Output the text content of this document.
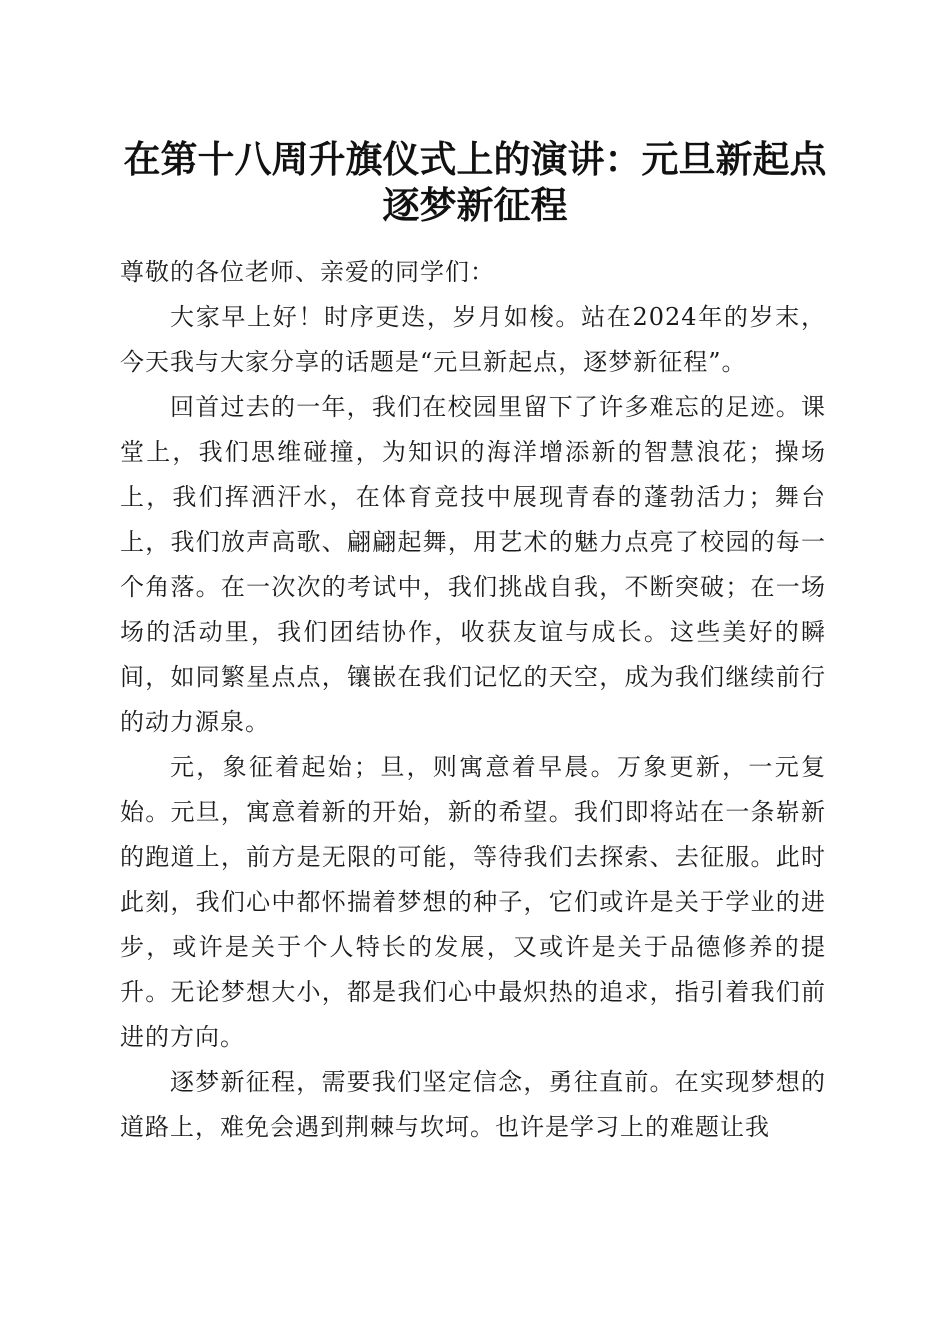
在第十八周升旗仪式上的演讲：元旦新起点逐梦新征程

尊敬的各位老师、亲爱的同学们：

大家早上好！时序更迭，岁月如梭。站在2024年的岁末，今天我与大家分享的话题是“元旦新起点，逐梦新征程”。

回首过去的一年，我们在校园里留下了许多难忘的足迹。课堂上，我们思维碰撞，为知识的海洋增添新的智慧浪花；操场上，我们挥洒汗水，在体育竞技中展现青春的蓬勃活力；舞台上，我们放声高歌、翩翩起舞，用艺术的魅力点亮了校园的每一个角落。在一次次的考试中，我们挑战自我，不断突破；在一场场的活动里，我们团结协作，收获友谊与成长。这些美好的瞬间，如同繁星点点，镶嵌在我们记忆的天空，成为我们继续前行的动力源泉。

元，象征着起始；旦，则寓意着早晨。万象更新，一元复始。元旦，寓意着新的开始，新的希望。我们即将站在一条崭新的跑道上，前方是无限的可能，等待我们去探索、去征服。此时此刻，我们心中都怀揣着梦想的种子，它们或许是关于学业的进步，或许是关于个人特长的发展，又或许是关于品德修养的提升。无论梦想大小，都是我们心中最炽热的追求，指引着我们前进的方向。

逐梦新征程，需要我们坚定信念，勇往直前。在实现梦想的道路上，难免会遇到荆棘与坎坷。也许是学习上的难题让我
